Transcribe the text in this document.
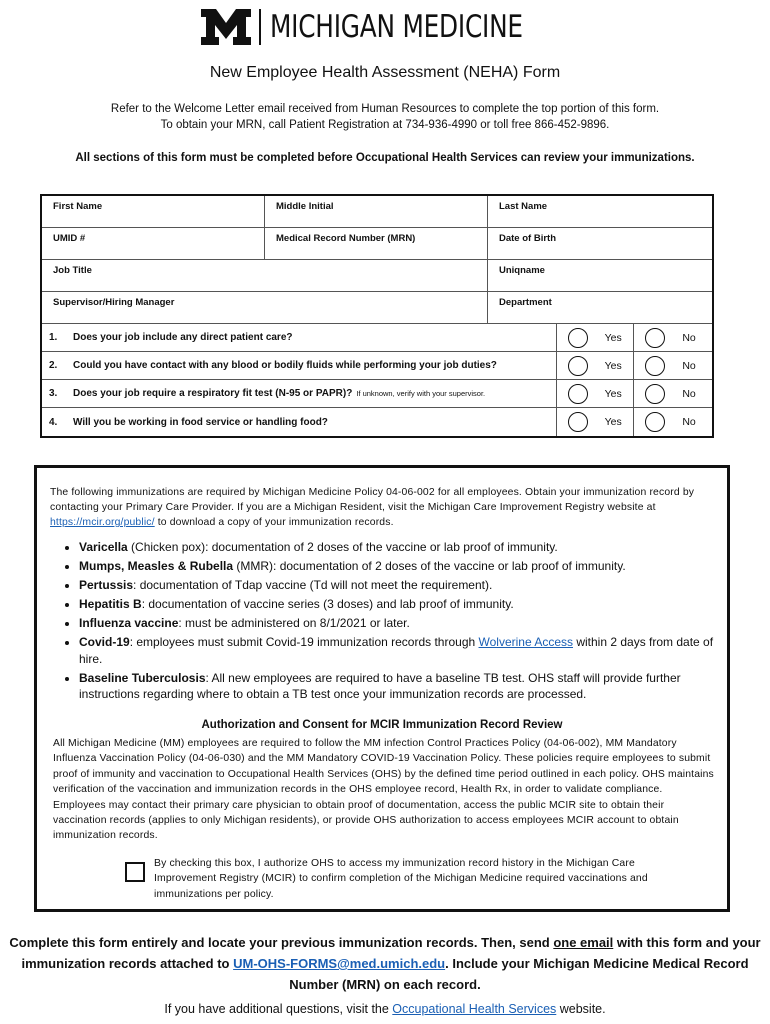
MICHIGAN MEDICINE
New Employee Health Assessment (NEHA) Form
Refer to the Welcome Letter email received from Human Resources to complete the top portion of this form.
To obtain your MRN, call Patient Registration at 734-936-4990 or toll free 866-452-9896.
All sections of this form must be completed before Occupational Health Services can review your immunizations.
First Name	Middle Initial	Last Name
UMID #	Medical Record Number (MRN)	Date of Birth
Job Title	Uniqname
Supervisor/Hiring Manager	Department
1.	Does your job include any direct patient care?	Yes	No
2.	Could you have contact with any blood or bodily fluids while performing your job duties?	Yes	No
3.	Does your job require a respiratory fit test (N-95 or PAPR)? If unknown, verify with your supervisor.	Yes	No
4.	Will you be working in food service or handling food?	Yes	No
The following immunizations are required by Michigan Medicine Policy 04-06-002 for all employees. Obtain your immunization record by contacting your Primary Care Provider. If you are a Michigan Resident, visit the Michigan Care Improvement Registry website at https://mcir.org/public/ to download a copy of your immunization records.
• Varicella (Chicken pox): documentation of 2 doses of the vaccine or lab proof of immunity.
• Mumps, Measles & Rubella (MMR): documentation of 2 doses of the vaccine or lab proof of immunity.
• Pertussis: documentation of Tdap vaccine (Td will not meet the requirement).
• Hepatitis B: documentation of vaccine series (3 doses) and lab proof of immunity.
• Influenza vaccine: must be administered on 8/1/2021 or later.
• Covid-19: employees must submit Covid-19 immunization records through Wolverine Access within 2 days from date of hire.
• Baseline Tuberculosis: All new employees are required to have a baseline TB test. OHS staff will provide further instructions regarding where to obtain a TB test once your immunization records are processed.
Authorization and Consent for MCIR Immunization Record Review
All Michigan Medicine (MM) employees are required to follow the MM infection Control Practices Policy (04-06-002), MM Mandatory Influenza Vaccination Policy (04-06-030) and the MM Mandatory COVID-19 Vaccination Policy. These policies require employees to submit proof of immunity and vaccination to Occupational Health Services (OHS) by the defined time period outlined in each policy. OHS maintains verification of the vaccination and immunization records in the OHS employee record, Health Rx, in order to validate compliance. Employees may contact their primary care physician to obtain proof of documentation, access the public MCIR site to obtain their vaccination records (applies to only Michigan residents), or provide OHS authorization to access employees MCIR account to obtain immunization records.
By checking this box, I authorize OHS to access my immunization record history in the Michigan Care Improvement Registry (MCIR) to confirm completion of the Michigan Medicine required vaccinations and immunizations per policy.
Complete this form entirely and locate your previous immunization records. Then, send one email with this form and your immunization records attached to UM-OHS-FORMS@med.umich.edu. Include your Michigan Medicine Medical Record Number (MRN) on each record.
If you have additional questions, visit the Occupational Health Services website.
